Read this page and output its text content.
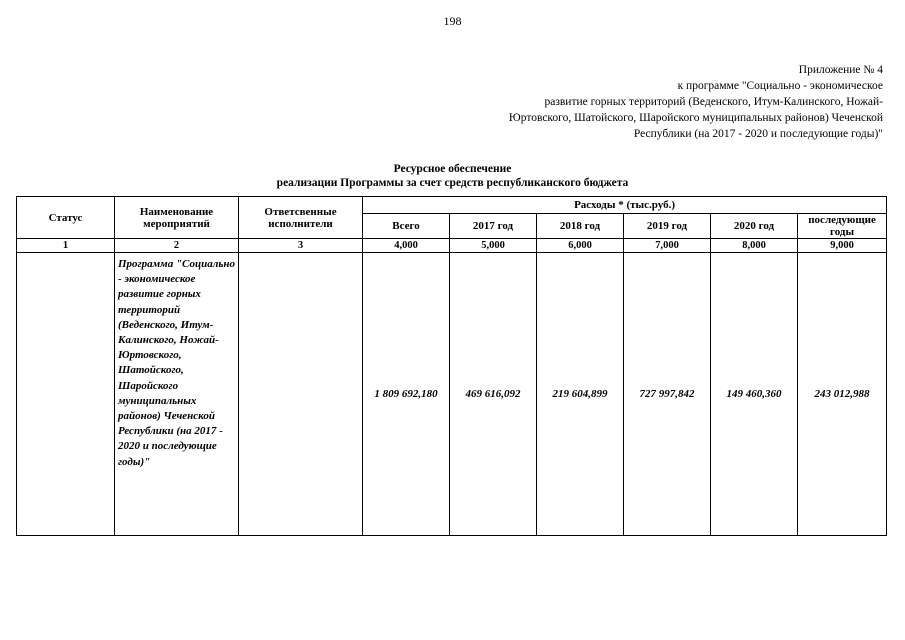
198
Приложение № 4
к программе "Социально - экономическое
развитие горных территорий (Веденского, Итум-Калинского, Ножай-
Юртовского, Шатойского, Шаройского муниципальных районов) Чеченской
Республики (на 2017 - 2020 и последующие годы)"
Ресурсное обеспечение
реализации Программы за счет средств республиканского бюджета
Статус	Наименование мероприятий	Ответсвенные исполнители	Расходы * (тыс.руб.)					
			Всего	2017 год	2018 год	2019 год	2020 год	последующие годы
1	2	3	4,000	5,000	6,000	7,000	8,000	9,000
	Программа "Социально - экономическое развитие горных территорий (Веденского, Итум-Калинского, Ножай-Юртовского, Шатойского, Шаройского муниципальных районов) Чеченской Республики (на 2017 - 2020 и последующие годы)"		1 809 692,180	469 616,092	219 604,899	727 997,842	149 460,360	243 012,988
